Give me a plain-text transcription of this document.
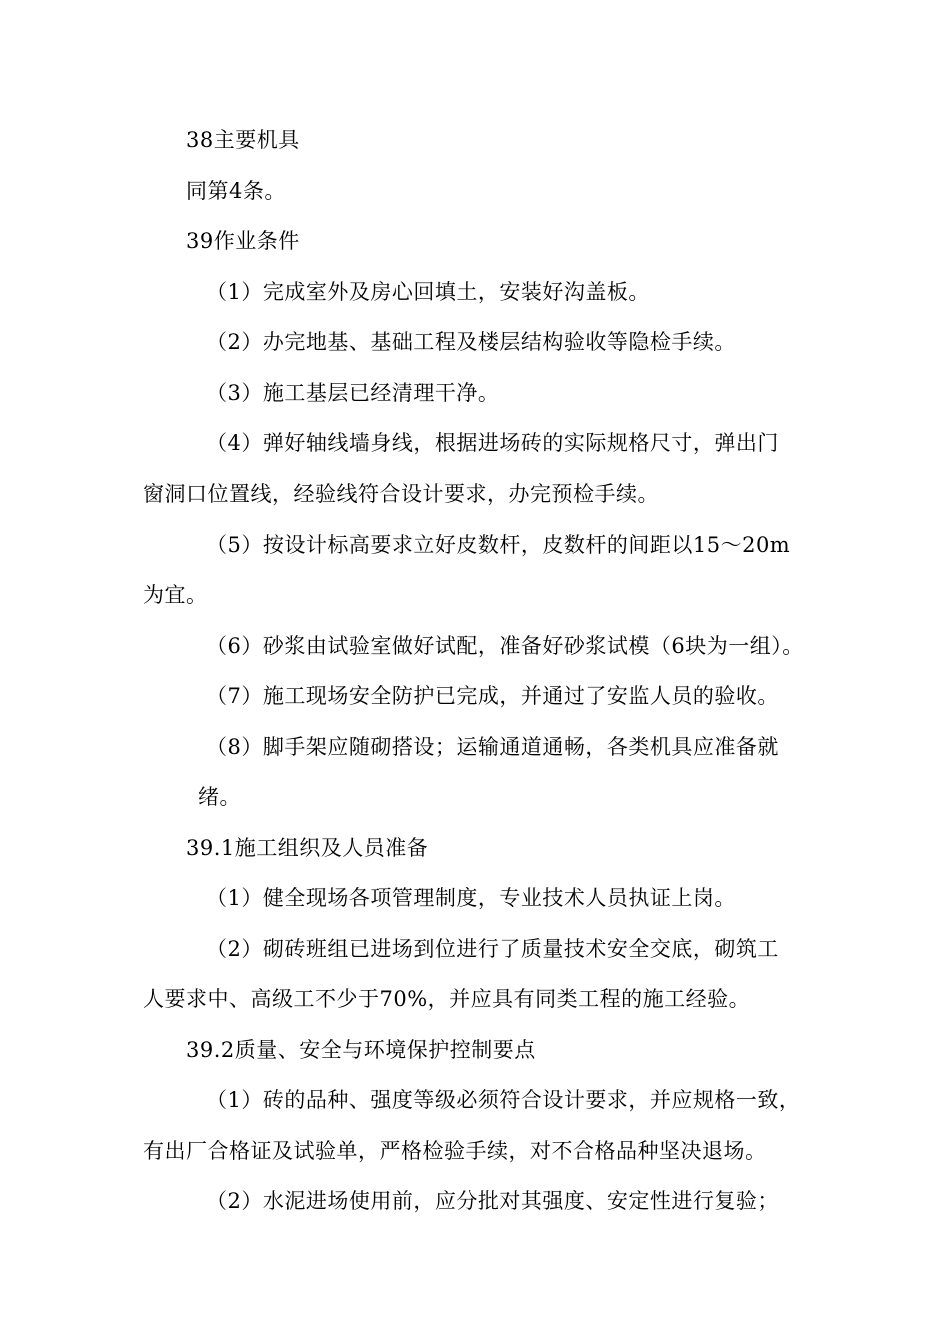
38主要机具
同第4条。
39作业条件
（1）完成室外及房心回填土，安装好沟盖板。
（2）办完地基、基础工程及楼层结构验收等隐检手续。
（3）施工基层已经清理干净。
（4）弹好轴线墙身线，根据进场砖的实际规格尺寸，弹出门
窗洞口位置线，经验线符合设计要求，办完预检手续。
（5）按设计标高要求立好皮数杆，皮数杆的间距以15〜20m
为宜。
（6）砂浆由试验室做好试配，准备好砂浆试模（6块为一组）。
（7）施工现场安全防护已完成，并通过了安监人员的验收。
（8）脚手架应随砌搭设；运输通道通畅，各类机具应准备就
绪。
39.1施工组织及人员准备
（1）健全现场各项管理制度，专业技术人员执证上岗。
（2）砌砖班组已进场到位进行了质量技术安全交底，砌筑工
人要求中、高级工不少于70%，并应具有同类工程的施工经验。
39.2质量、安全与环境保护控制要点
（1）砖的品种、强度等级必须符合设计要求，并应规格一致，
有出厂合格证及试验单，严格检验手续，对不合格品种坚决退场。
（2）水泥进场使用前，应分批对其强度、安定性进行复验；
